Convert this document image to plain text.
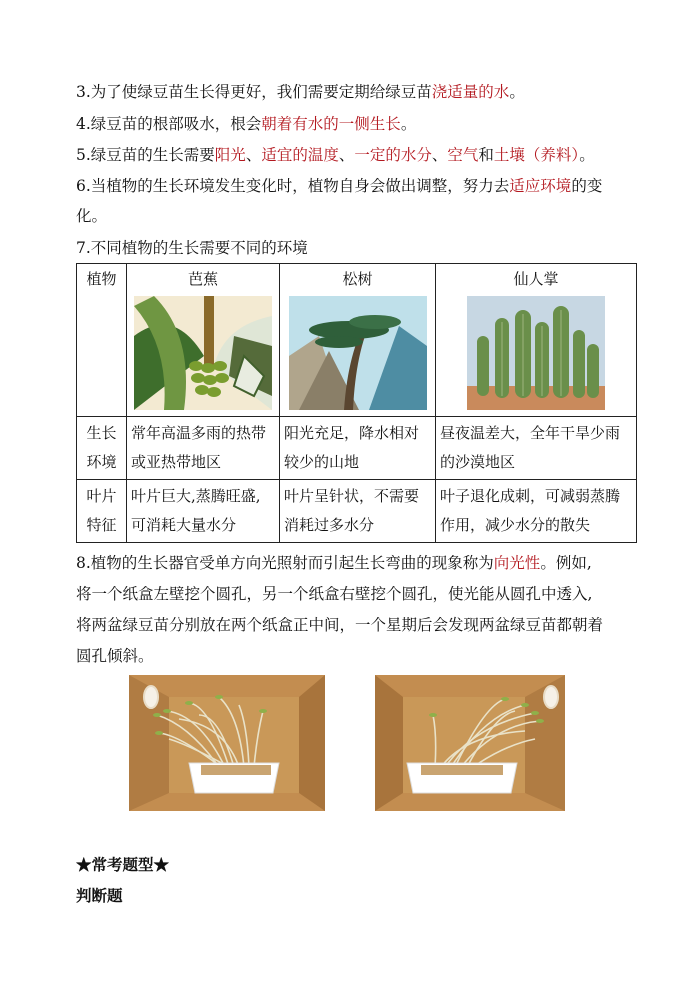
3.为了使绿豆苗生长得更好，我们需要定期给绿豆苗浇适量的水。
4.绿豆苗的根部吸水，根会朝着有水的一侧生长。
5.绿豆苗的生长需要阳光、适宜的温度、一定的水分、空气和土壤（养料）。
6.当植物的生长环境发生变化时，植物自身会做出调整，努力去适应环境的变
化。
7.不同植物的生长需要不同的环境
植物	芭蕉	松树	仙人掌

生长
环境	常年高温多雨的热带或亚热带地区	阳光充足，降水相对较少的山地	昼夜温差大，全年干旱少雨的沙漠地区

叶片
特征	叶片巨大,蒸腾旺盛,可消耗大量水分	叶片呈针状，不需要消耗过多水分	叶子退化成刺，可减弱蒸腾作用，减少水分的散失
8.植物的生长器官受单方向光照射而引起生长弯曲的现象称为向光性。例如,
将一个纸盒左壁挖个圆孔，另一个纸盒右壁挖个圆孔，使光能从圆孔中透入,
将两盆绿豆苗分别放在两个纸盒正中间，一个星期后会发现两盆绿豆苗都朝着
圆孔倾斜。
★常考题型★
判断题
